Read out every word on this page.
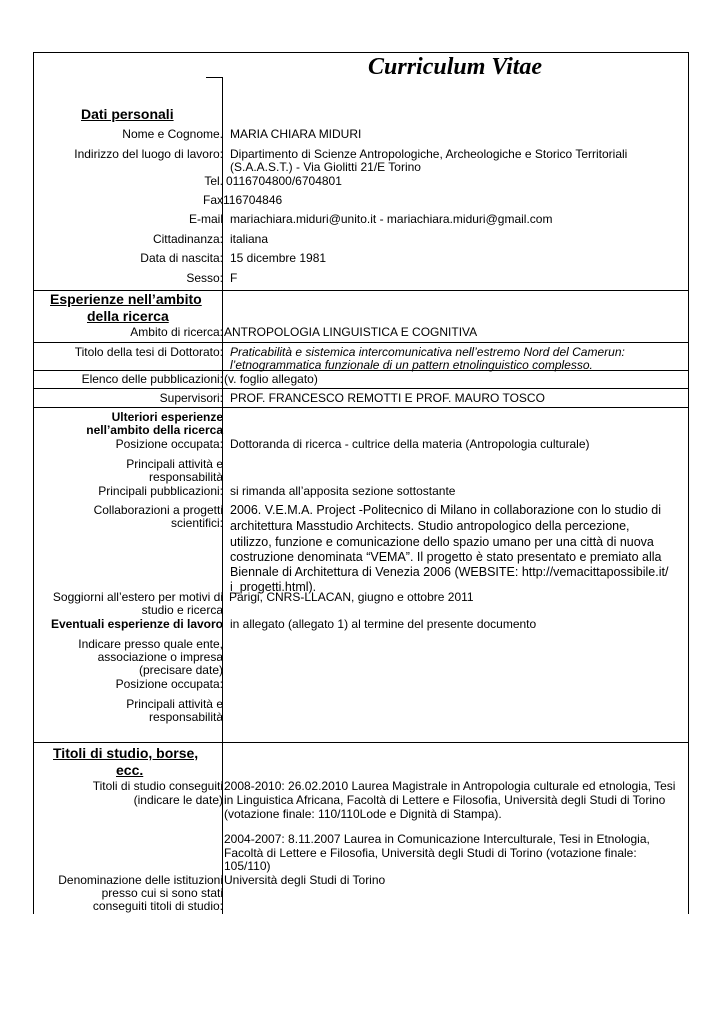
Curriculum Vitae
Dati personali
Nome e Cognome. MARIA CHIARA MIDURI
Indirizzo del luogo di lavoro: Dipartimento di Scienze Antropologiche, Archeologiche e Storico Territoriali
(S.A.A.S.T.) - Via Giolitti 21/E Torino
Tel. 0116704800/6704801
Fax 116704846
E-mail mariachiara.miduri@unito.it - mariachiara.miduri@gmail.com
Cittadinanza: italiana
Data di nascita: 15 dicembre 1981
Sesso: F
Esperienze nell’ambito
della ricerca
Ambito di ricerca: ANTROPOLOGIA LINGUISTICA E COGNITIVA
Titolo della tesi di Dottorato: Praticabilità e sistemica intercomunicativa nell’estremo Nord del Camerun:
l’etnogrammatica funzionale di un pattern etnolinguistico complesso.
Elenco delle pubblicazioni: (v. foglio allegato)
Supervisori: PROF. FRANCESCO REMOTTI E PROF. MAURO TOSCO
Ulteriori esperienze
nell’ambito della ricerca
Posizione occupata: Dottoranda di ricerca - cultrice della materia (Antropologia culturale)
Principali attività e
responsabilità
Principali pubblicazioni: si rimanda all’apposita sezione sottostante
Collaborazioni a progetti
scientifici:
2006. V.E.M.A. Project -Politecnico di Milano in collaborazione con lo studio di
architettura Masstudio Architects. Studio antropologico della percezione,
utilizzo, funzione e comunicazione dello spazio umano per una città di nuova
costruzione denominata “VEMA”. Il progetto è stato presentato e premiato alla
Biennale di Architettura di Venezia 2006 (WEBSITE: http://vemacittapossibile.it/
i_progetti.html).
Soggiorni all’estero per motivi di
studio e ricerca
Parigi, CNRS-LLACAN, giugno e ottobre 2011
Eventuali esperienze di lavoro in allegato (allegato 1) al termine del presente documento
Indicare presso quale ente,
associazione o impresa
(precisare date)
Posizione occupata:
Principali attività e
responsabilità
Titoli di studio, borse,
ecc.
Titoli di studio conseguiti
(indicare le date)
2008-2010: 26.02.2010 Laurea Magistrale in Antropologia culturale ed etnologia, Tesi
in Linguistica Africana, Facoltà di Lettere e Filosofia, Università degli Studi di Torino
(votazione finale: 110/110Lode e Dignità di Stampa).
2004-2007: 8.11.2007 Laurea in Comunicazione Interculturale, Tesi in Etnologia,
Facoltà di Lettere e Filosofia, Università degli Studi di Torino (votazione finale:
105/110)
Denominazione delle istituzioni
presso cui si sono stati
conseguiti titoli di studio:
Università degli Studi di Torino
